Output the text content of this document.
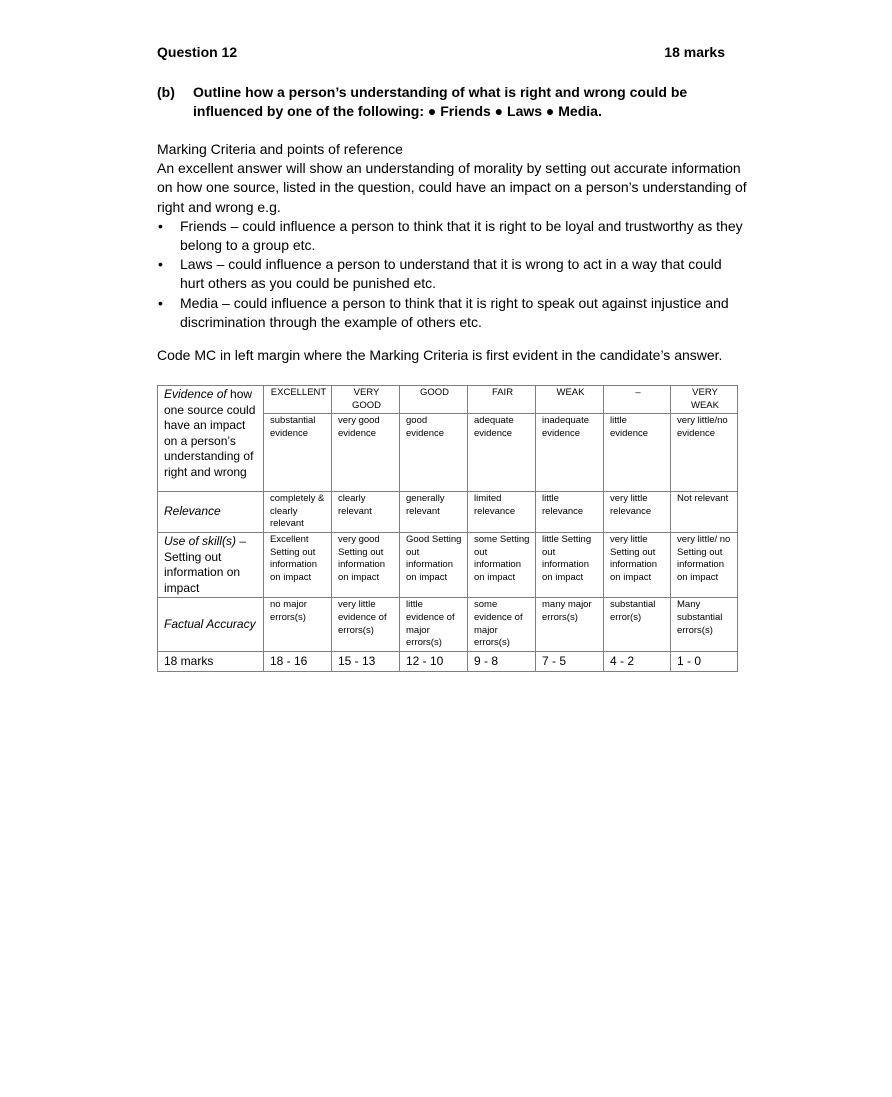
Question 12	18 marks
(b) Outline how a person’s understanding of what is right and wrong could be influenced by one of the following: ● Friends ● Laws ● Media.

Marking Criteria and points of reference

An excellent answer will show an understanding of morality by setting out accurate information on how one source, listed in the question, could have an impact on a person’s understanding of right and wrong e.g.

• Friends – could influence a person to think that it is right to be loyal and trustworthy as they belong to a group etc.
• Laws – could influence a person to understand that it is wrong to act in a way that could hurt others as you could be punished etc.
• Media – could influence a person to think that it is right to speak out against injustice and discrimination through the example of others etc.
Code MC in left margin where the Marking Criteria is first evident in the candidate’s answer.
Evidence of how one source could have an impact on a person’s understanding of right and wrong	EXCELLENT	VERY GOOD	GOOD	FAIR	WEAK	–	VERY WEAK
	substantial evidence	very good evidence	good evidence	adequate evidence	inadequate evidence	little evidence	very little/no evidence
Relevance	completely & clearly relevant	clearly relevant	generally relevant	limited relevance	little relevance	very little relevance	Not relevant
Use of skill(s) – Setting out information on impact	Excellent Setting out information on impact	very good Setting out information on impact	Good Setting out information on impact	some Setting out information on impact	little Setting out information on impact	very little Setting out information on impact	very little/ no Setting out information on impact
Factual Accuracy	no major errors(s)	very little evidence of errors(s)	little evidence of major errors(s)	some evidence of major errors(s)	many major errors(s)	substantial error(s)	Many substantial errors(s)
18 marks	18 - 16	15 - 13	12 - 10	9 - 8	7 - 5	4 - 2	1 - 0
